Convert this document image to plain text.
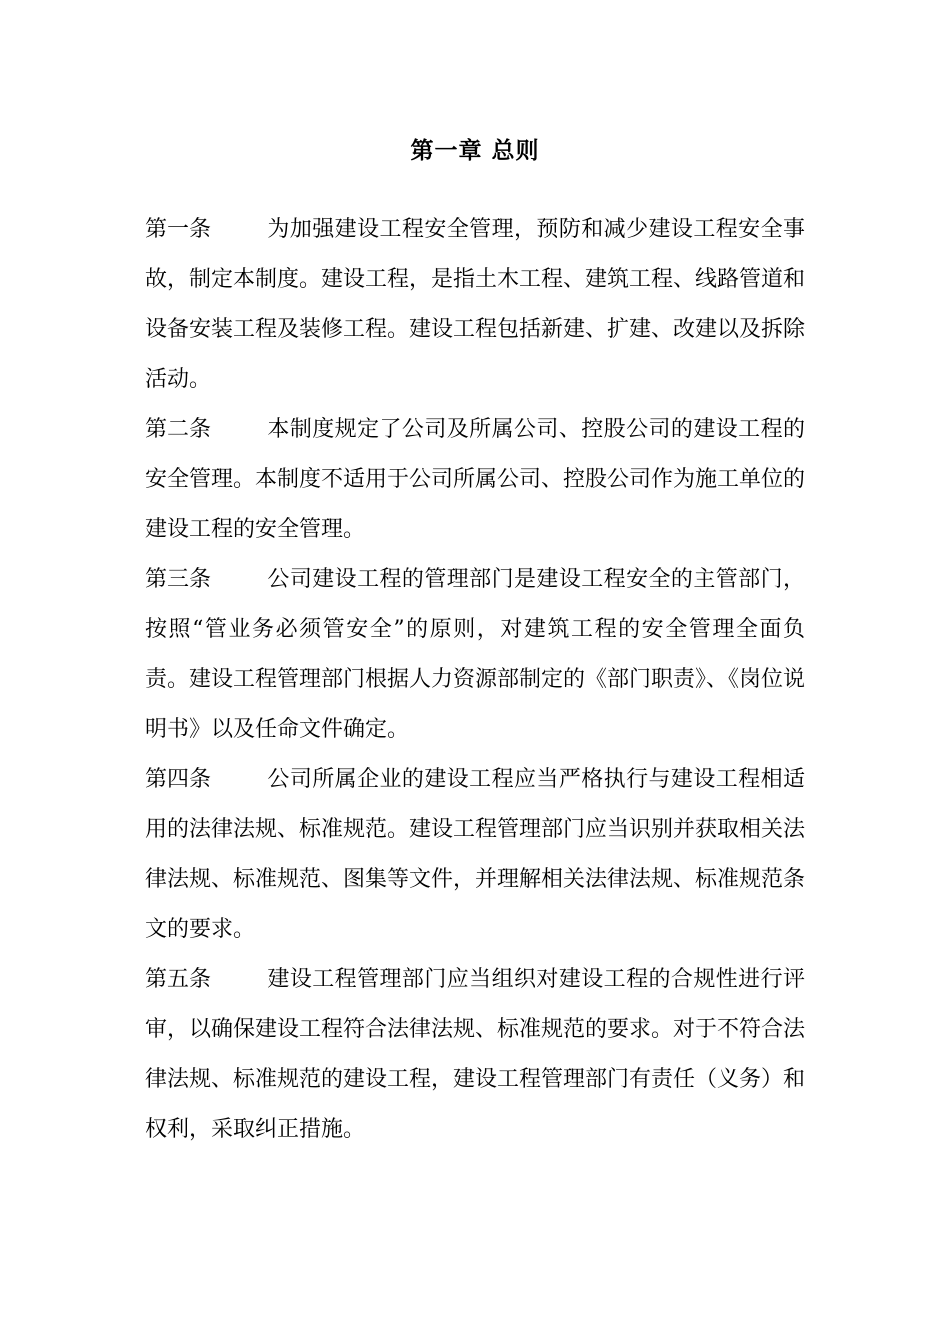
第一章 总则

第一条	为加强建设工程安全管理，预防和减少建设工程安全事故，制定本制度。建设工程，是指土木工程、建筑工程、线路管道和设备安装工程及装修工程。建设工程包括新建、扩建、改建以及拆除活动。

第二条	本制度规定了公司及所属公司、控股公司的建设工程的安全管理。本制度不适用于公司所属公司、控股公司作为施工单位的建设工程的安全管理。

第三条	公司建设工程的管理部门是建设工程安全的主管部门，按照“管业务必须管安全”的原则，对建筑工程的安全管理全面负责。建设工程管理部门根据人力资源部制定的《部门职责》、《岗位说明书》以及任命文件确定。

第四条	公司所属企业的建设工程应当严格执行与建设工程相适用的法律法规、标准规范。建设工程管理部门应当识别并获取相关法律法规、标准规范、图集等文件，并理解相关法律法规、标准规范条文的要求。

第五条	建设工程管理部门应当组织对建设工程的合规性进行评审，以确保建设工程符合法律法规、标准规范的要求。对于不符合法律法规、标准规范的建设工程，建设工程管理部门有责任（义务）和权利，采取纠正措施。
